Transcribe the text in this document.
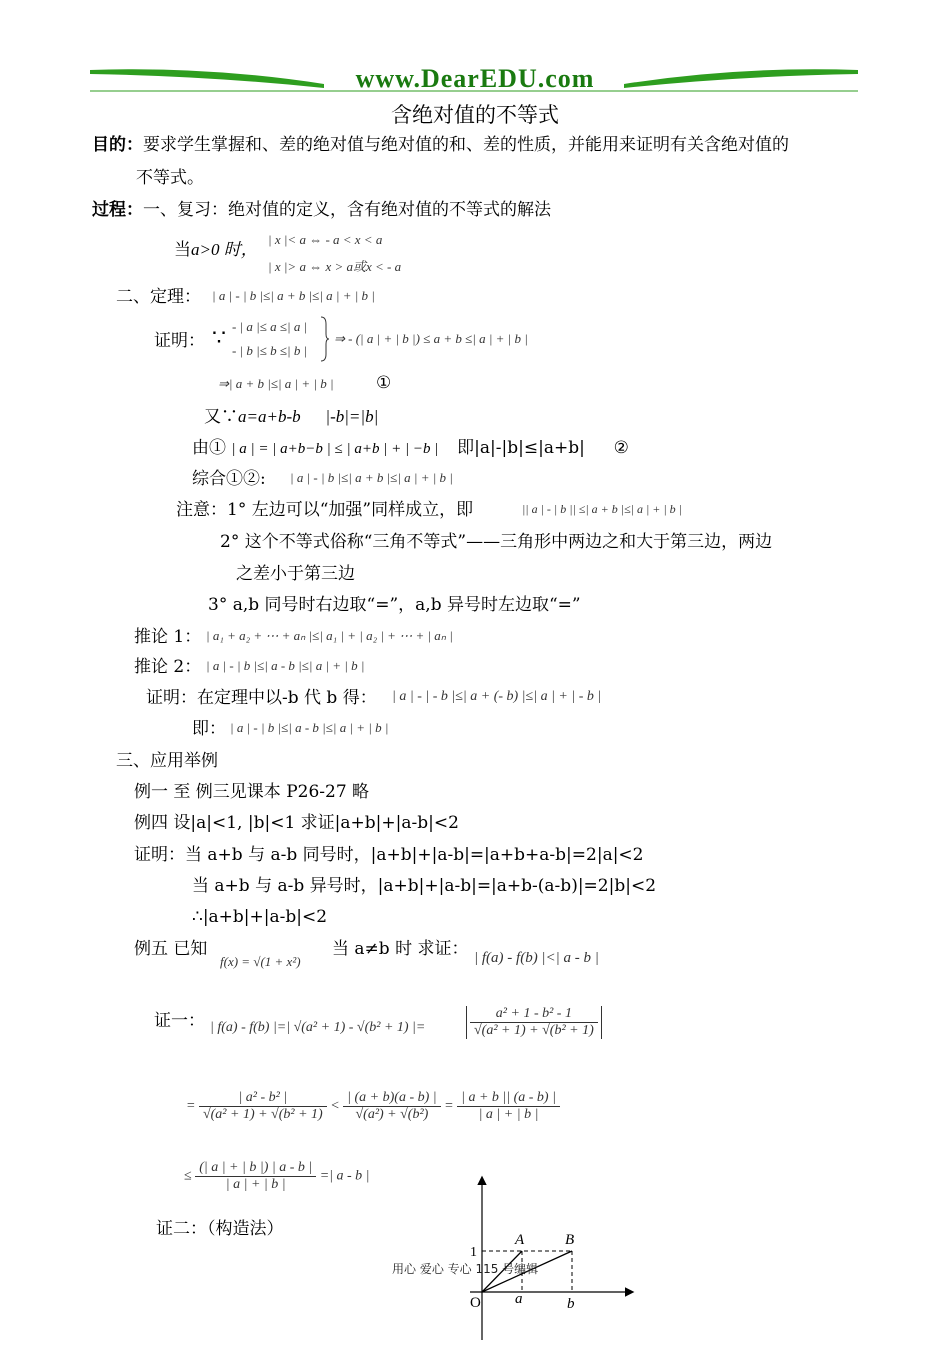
www.DearEDU.com
含绝对值的不等式
目的：要求学生掌握和、差的绝对值与绝对值的和、差的性质，并能用来证明有关含绝对值的
不等式。
过程：一、复习：绝对值的定义，含有绝对值的不等式的解法
当a>0 时，
| x |< a ⇔ - a < x < a
| x |> a ⇔ x > a或x < - a
二、定理： | a | - | b |≤| a + b |≤| a | + | b |
证明： ∵ - | a |≤ a ≤| a |
- | b |≤ b ≤| b |
⇒ - (| a | + | b |) ≤ a + b ≤| a | + | b |
⇒| a + b |≤| a | + | b | ①
又∵a=a+b-b |-b|=|b|
由① | a | = | a+b−b | ≤ | a+b | + | −b | 即|a|-|b|≤|a+b| ②
综合①②: | a | - | b |≤| a + b |≤| a | + | b |
注意：1° 左边可以“加强”同样成立，即	|| a | - | b || ≤| a + b |≤| a | + | b |
2° 这个不等式俗称“三角不等式”——三角形中两边之和大于第三边，两边
之差小于第三边
3° a,b 同号时右边取“=”，a,b 异号时左边取“=”
推论 1： | a₁ + a₂ + ⋯ + aₙ |≤| a₁ | + | a₂ | + ⋯ + | aₙ |
推论 2： | a | - | b |≤| a - b |≤| a | + | b |
证明：在定理中以-b 代 b 得： | a | - | - b |≤| a + (- b) |≤| a | + | - b |
即： | a | - | b |≤| a - b |≤| a | + | b |
三、应用举例
例一 至 例三见课本 P26-27 略
例四 设|a|<1, |b|<1 求证|a+b|+|a-b|<2
证明：当 a+b 与 a-b 同号时，|a+b|+|a-b|=|a+b+a-b|=2|a|<2
当 a+b 与 a-b 异号时，|a+b|+|a-b|=|a+b-(a-b)|=2|b|<2
∴|a+b|+|a-b|<2
例五 已知
f(x) = √(1 + x²)
当 a≠b 时 求证： | f(a) - f(b) |<| a - b |
证一： | f(a) - f(b) |=| √(a² + 1) - √(b² + 1) |=	$\frac{\text{a² + 1 - b² - 1}}{\text{√(a² + 1) + √(b² + 1)}}$
= $\frac{\text{| a² - b² |}}{\text{√(a² + 1) + √(b² + 1)}} < \frac{| (a + b)(a - b) |}{\text{√(a²) + √(b²)}} = \frac{| a + b || (a - b) |}{| a | + | b |}$
≤ $\frac{(| a | + | b |) | a - b |}{| a | + | b |}$ =| a - b |
证二：（构造法）
A	B
1
O a	b
用心 爱心 专心 115 号编辑
